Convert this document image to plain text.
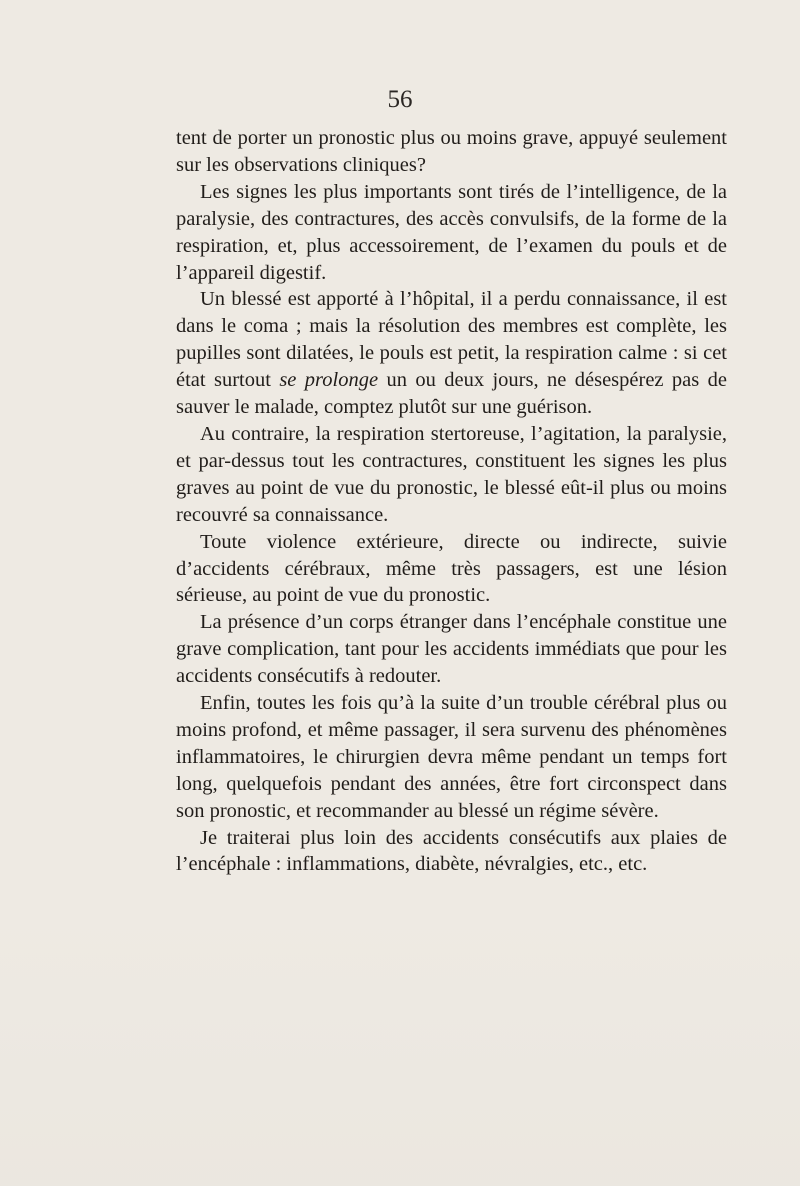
56

tent de porter un pronostic plus ou moins grave, appuyé seulement sur les observations cliniques?

Les signes les plus importants sont tirés de l’intelligence, de la paralysie, des contractures, des accès convulsifs, de la forme de la respiration, et, plus accessoirement, de l’examen du pouls et de l’appareil digestif.

Un blessé est apporté à l’hôpital, il a perdu connaissance, il est dans le coma ; mais la résolution des membres est complète, les pupilles sont dilatées, le pouls est petit, la respiration calme : si cet état surtout se prolonge un ou deux jours, ne désespérez pas de sauver le malade, comptez plutôt sur une guérison.

Au contraire, la respiration stertoreuse, l’agitation, la paralysie, et par-dessus tout les contractures, constituent les signes les plus graves au point de vue du pronostic, le blessé eût-il plus ou moins recouvré sa connaissance.

Toute violence extérieure, directe ou indirecte, suivie d’accidents cérébraux, même très passagers, est une lésion sérieuse, au point de vue du pronostic.

La présence d’un corps étranger dans l’encéphale constitue une grave complication, tant pour les accidents immédiats que pour les accidents consécutifs à redouter.

Enfin, toutes les fois qu’à la suite d’un trouble cérébral plus ou moins profond, et même passager, il sera survenu des phénomènes inflammatoires, le chirurgien devra même pendant un temps fort long, quelquefois pendant des années, être fort circonspect dans son pronostic, et recommander au blessé un régime sévère.

Je traiterai plus loin des accidents consécutifs aux plaies de l’encéphale : inflammations, diabète, névralgies, etc., etc.
